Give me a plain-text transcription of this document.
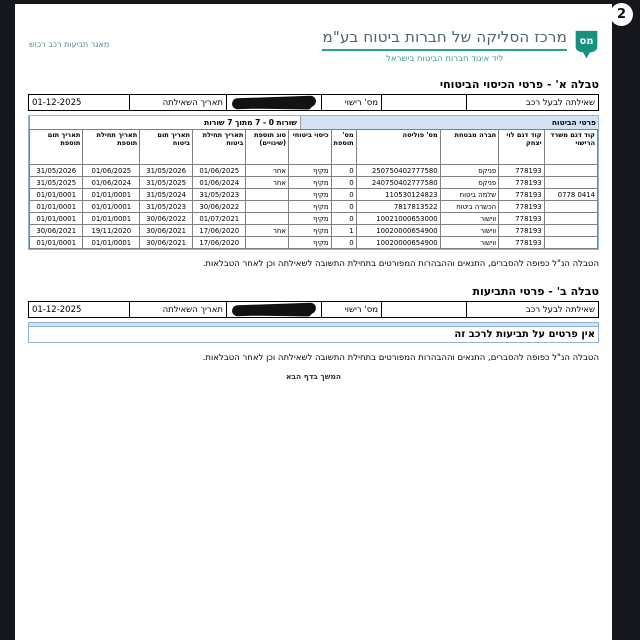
2
מס
מרכז הסליקה של חברות ביטוח בע"מ
ליד איגוד חברות הביטוח בישראל
מאגר תביעות רכב רכוש
טבלה א' - פרטי הכיסוי הביטוחי
שאילתה לבעל רכב
מס' רישוי
תאריך השאילתה
01-12-2025
פרטי הביטוח
שורות 0 - 7 מתוך 7 שורות
קוד דגם משרד הרישוי	קוד דגם לוי יצחק	חברה מבטחת	מס' פוליסה	מס' תוספת	כיסוי ביטוחי	סוג תוספת (שינויים)	תאריך תחילת ביטוח	תאריך תום ביטוח	תאריך תחילת תוספת	תאריך תום תוספת
	778193	פניקס	250750402777580	0	מקיף	אחר	01/06/2025	31/05/2026	01/06/2025	31/05/2026
	778193	פניקס	240750402777580	0	מקיף	אחר	01/06/2024	31/05/2025	01/06/2024	31/05/2025
0778 0414	778193	שלמה ביטוח	110530124823	0	מקיף		31/05/2023	31/05/2024	01/01/0001	01/01/0001
	778193	הכשרה ביטוח	7817813522	0	מקיף		30/06/2022	31/05/2023	01/01/0001	01/01/0001
	778193	ווישור	10021000653000	0	מקיף		01/07/2021	30/06/2022	01/01/0001	01/01/0001
	778193	ווישור	10020000654900	1	מקיף	אחר	17/06/2020	30/06/2021	19/11/2020	30/06/2021
	778193	ווישור	10020000654900	0	מקיף		17/06/2020	30/06/2021	01/01/0001	01/01/0001
הטבלה הנ"ל כפופה להסברים, התנאים וההבהרות המפורטים בתחילת התשובה לשאילתה וכן לאחר הטבלאות.
טבלה ב' - פרטי התביעות
שאילתה לבעל רכב
מס' רישוי
תאריך השאילתה
01-12-2025
אין פרטים על תביעות לרכב זה
הטבלה הנ"ל כפופה להסברים, התנאים וההבהרות המפורטים בתחילת התשובה לשאילתה וכן לאחר הטבלאות.
המשך בדף הבא
